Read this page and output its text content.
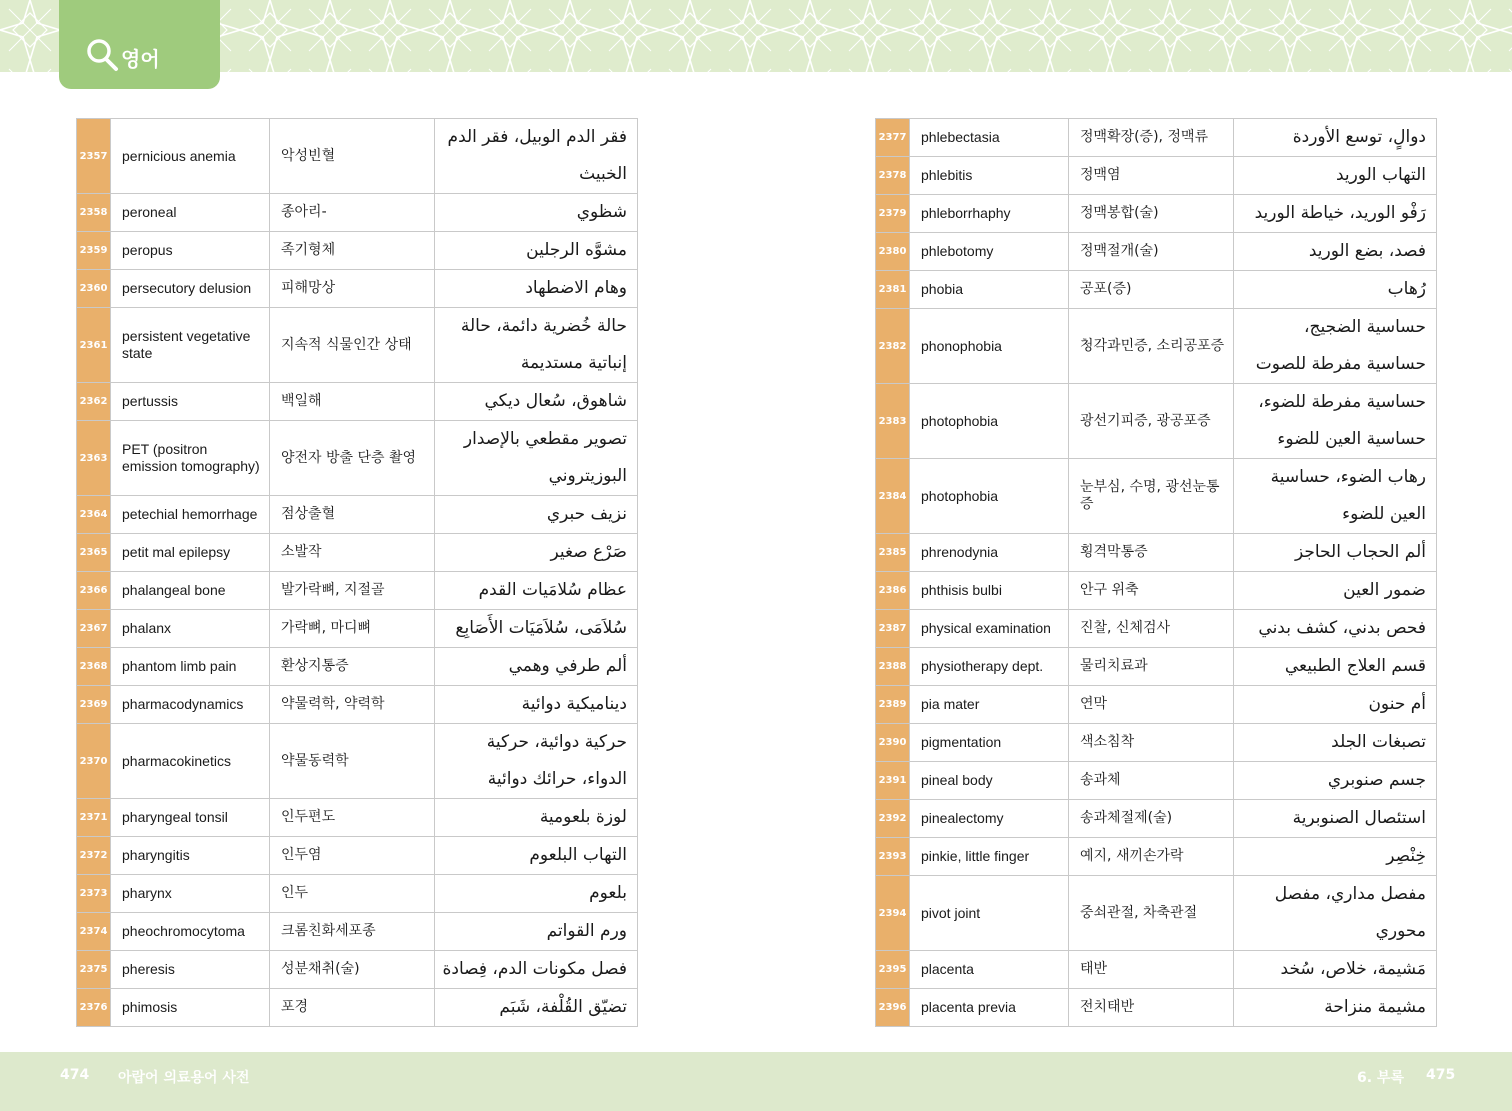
영어
2357	pernicious anemia	악성빈혈	فقر الدم الوبيل، فقر الدم الخبيث
2358	peroneal	종아리-	شظوي
2359	peropus	족기형체	مشوَّه الرجلين
2360	persecutory delusion	피해망상	وهام الاضطهاد
2361	persistent vegetative state	지속적 식물인간 상태	حالة خُضرية دائمة، حالة إنباتية مستديمة
2362	pertussis	백일해	شاهوق، سُعال ديكي
2363	PET (positron emission tomography)	양전자 방출 단층 촬영	تصوير مقطعي بالإصدار البوزيتروني
2364	petechial hemorrhage	점상출혈	نزيف حبري
2365	petit mal epilepsy	소발작	صَرْع صغير
2366	phalangeal bone	발가락뼈, 지절골	عظام سُلامَيات القدم
2367	phalanx	가락뼈, 마디뼈	سُلاَمَى، سُلاَمَيَات الأَصَابِع
2368	phantom limb pain	환상지통증	ألم طرفي وهمي
2369	pharmacodynamics	약물력학, 약력학	ديناميكية دوائية
2370	pharmacokinetics	약물동력학	حركية دوائية، حركية الدواء، حرائك دوائية
2371	pharyngeal tonsil	인두편도	لوزة بلعومية
2372	pharyngitis	인두염	التهاب البلعوم
2373	pharynx	인두	بلعوم
2374	pheochromocytoma	크롬친화세포종	ورم القواتم
2375	pheresis	성분채취(술)	فصل مكونات الدم، فِصادة
2376	phimosis	포경	تضيّق القُلْفة، شَبَم
2377	phlebectasia	정맥확장(증), 정맥류	دوالٍ، توسع الأوردة
2378	phlebitis	정맥염	التهاب الوريد
2379	phleborrhaphy	정맥봉합(술)	رَفْو الوريد، خياطة الوريد
2380	phlebotomy	정맥절개(술)	فصد، بضع الوريد
2381	phobia	공포(증)	رُهاب
2382	phonophobia	청각과민증, 소리공포증	حساسية الضجيج، حساسية مفرطة للصوت
2383	photophobia	광선기피증, 광공포증	حساسية مفرطة للضوء، حساسية العين للضوء
2384	photophobia	눈부심, 수명, 광선눈통증	رهاب الضوء، حساسية العين للضوء
2385	phrenodynia	횡격막통증	ألم الحجاب الحاجز
2386	phthisis bulbi	안구 위축	ضمور العين
2387	physical examination	진찰, 신체검사	فحص بدني، كشف بدني
2388	physiotherapy dept.	물리치료과	قسم العلاج الطبيعي
2389	pia mater	연막	أم حنون
2390	pigmentation	색소침착	تصبغات الجلد
2391	pineal body	송과체	جسم صنوبري
2392	pinealectomy	송과체절제(술)	استئصال الصنوبرية
2393	pinkie, little finger	예지, 새끼손가락	خِنْصِر
2394	pivot joint	중쇠관절, 차축관절	مفصل مداري، مفصل محوري
2395	placenta	태반	مَشيمة، خلاص، سُخد
2396	placenta previa	전치태반	مشيمة منزاحة
474 아랍어 의료용어 사전	6. 부록 475
